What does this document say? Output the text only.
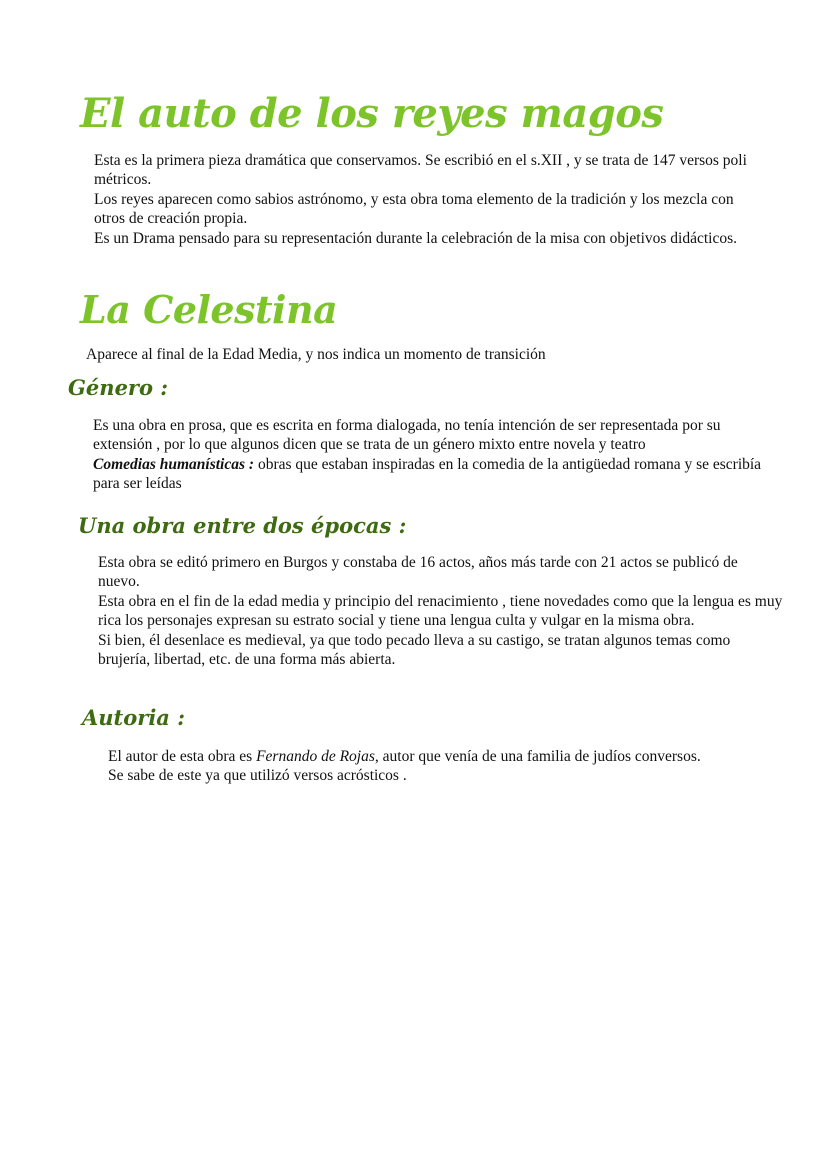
El auto de los reyes magos

Esta es la primera pieza dramática que conservamos. Se escribió en el s.XII , y se trata de 147 versos poli métricos.

Los reyes aparecen como sabios astrónomo, y esta obra toma elemento de la tradición y los mezcla con otros de creación propia.

Es un Drama pensado para su representación durante la celebración de la misa con objetivos didácticos.

La Celestina

Aparece al final de la Edad Media, y nos indica un momento de transición

Género :

Es una obra en prosa, que es escrita en forma dialogada, no tenía intención de ser representada por su extensión , por lo que algunos dicen que se trata de un género mixto entre novela y teatro

Comedias humanísticas : obras que estaban inspiradas en la comedia de la antigüedad romana y se escribía para ser leídas

Una obra entre dos épocas :

Esta obra se editó primero en Burgos y constaba de 16 actos, años más tarde con 21 actos se publicó de nuevo.

Esta obra en el fin de la edad media y principio del renacimiento , tiene novedades como que la lengua es muy rica los personajes expresan su estrato social y tiene una lengua culta y vulgar en la misma obra.

Si bien, él desenlace es medieval, ya que todo pecado lleva a su castigo, se tratan algunos temas como brujería, libertad, etc. de una forma más abierta.

Autoria :

El autor de esta obra es Fernando de Rojas, autor que venía de una familia de judíos conversos.

Se sabe de este ya que utilizó versos acrósticos .
